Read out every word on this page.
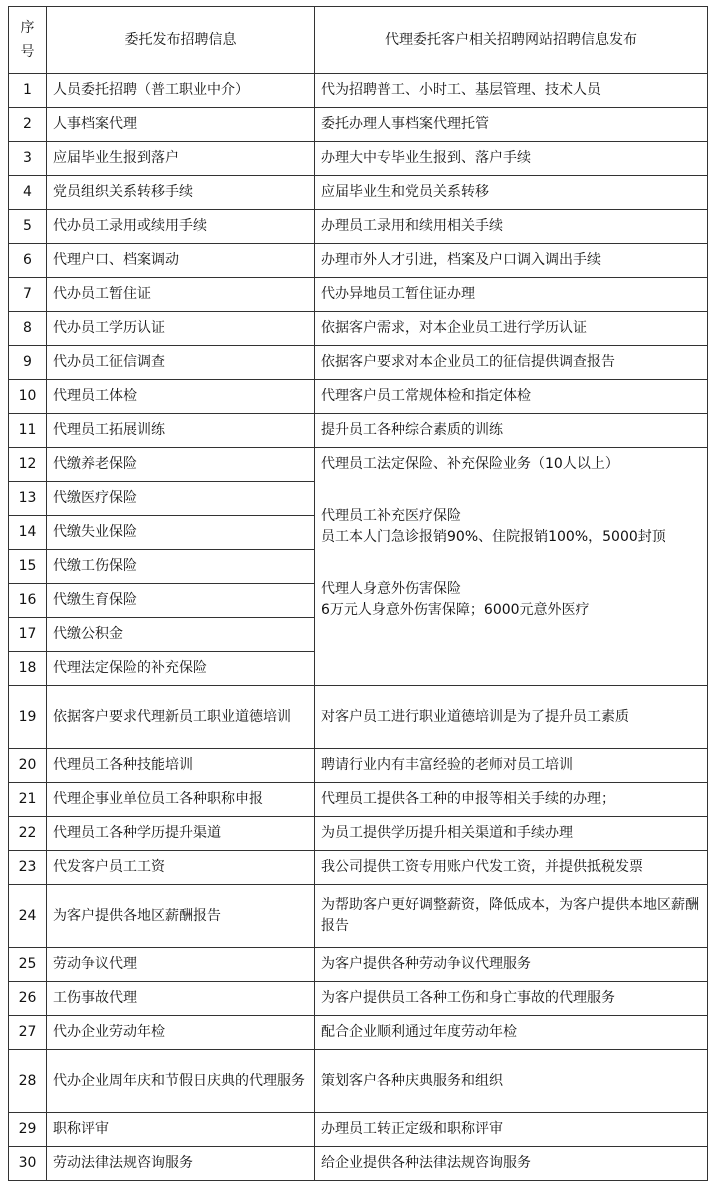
序
号	委托发布招聘信息	代理委托客户相关招聘网站招聘信息发布
1	人员委托招聘（普工职业中介）	代为招聘普工、小时工、基层管理、技术人员
2	人事档案代理	委托办理人事档案代理托管
3	应届毕业生报到落户	办理大中专毕业生报到、落户手续
4	党员组织关系转移手续	应届毕业生和党员关系转移
5	代办员工录用或续用手续	办理员工录用和续用相关手续
6	代理户口、档案调动	办理市外人才引进，档案及户口调入调出手续
7	代办员工暂住证	代办异地员工暂住证办理
8	代办员工学历认证	依据客户需求，对本企业员工进行学历认证
9	代办员工征信调查	依据客户要求对本企业员工的征信提供调查报告
10	代理员工体检	代理客户员工常规体检和指定体检
11	代理员工拓展训练	提升员工各种综合素质的训练
12	代缴养老保险	代理员工法定保险、补充保险业务（10人以上）
代理员工补充医疗保险
员工本人门急诊报销90%、住院报销100%，5000封顶
代理人身意外伤害保险
6万元人身意外伤害保障；6000元意外医疗

13	代缴医疗保险	
14	代缴失业保险	
15	代缴工伤保险	
16	代缴生育保险	
17	代缴公积金	
18	代理法定保险的补充保险	
19	依据客户要求代理新员工职业道德培训	对客户员工进行职业道德培训是为了提升员工素质
20	代理员工各种技能培训	聘请行业内有丰富经验的老师对员工培训
21	代理企事业单位员工各种职称申报	代理员工提供各工种的申报等相关手续的办理；
22	代理员工各种学历提升渠道	为员工提供学历提升相关渠道和手续办理
23	代发客户员工工资	我公司提供工资专用账户代发工资，并提供抵税发票
24	为客户提供各地区薪酬报告	为帮助客户更好调整薪资，降低成本，为客户提供本地区薪酬报告
25	劳动争议代理	为客户提供各种劳动争议代理服务
26	工伤事故代理	为客户提供员工各种工伤和身亡事故的代理服务
27	代办企业劳动年检	配合企业顺利通过年度劳动年检
28	代办企业周年庆和节假日庆典的代理服务	策划客户各种庆典服务和组织
29	职称评审	办理员工转正定级和职称评审
30	劳动法律法规咨询服务	给企业提供各种法律法规咨询服务
